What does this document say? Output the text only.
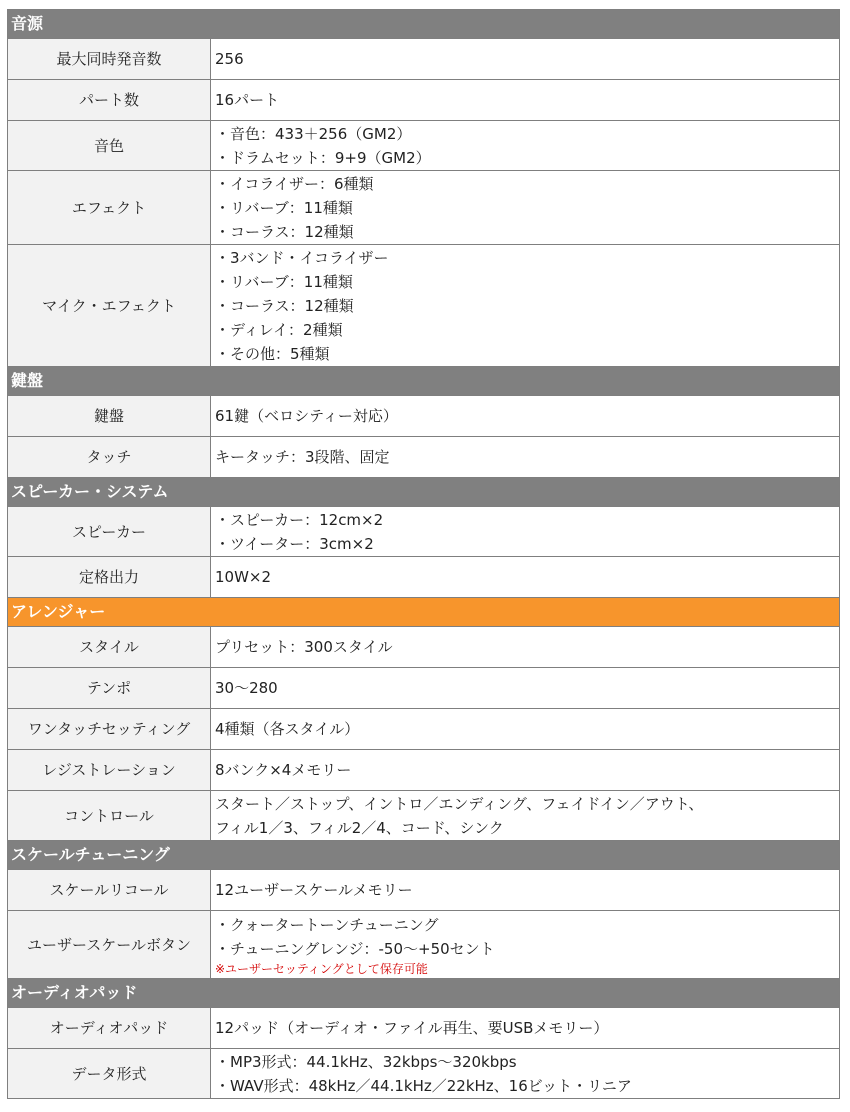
音源	
最大同時発音数	256

パート数	16パート

音色	・音色：433＋256（GM2）
・ドラムセット：9+9（GM2）

エフェクト	・イコライザー：6種類
・リバーブ：11種類
・コーラス：12種類

マイク・エフェクト	・3バンド・イコライザー
・リバーブ：11種類
・コーラス：12種類
・ディレイ：2種類
・その他：5種類

鍵盤	
鍵盤	61鍵（ベロシティー対応）

タッチ	キータッチ：3段階、固定

スピーカー・システム	
スピーカー	・スピーカー：12cm×2
・ツイーター：3cm×2

定格出力	10W×2

アレンジャー	
スタイル	プリセット：300スタイル

テンポ	30～280

ワンタッチセッティング	4種類（各スタイル）

レジストレーション	8バンク×4メモリー

コントロール	スタート／ストップ、イントロ／エンディング、フェイドイン／アウト、
フィル1／3、フィル2／4、コード、シンク

スケールチューニング	
スケールリコール	12ユーザースケールメモリー

ユーザースケールボタン	・クォータートーンチューニング
・チューニングレンジ：-50～+50セント
※ユーザーセッティングとして保存可能

オーディオパッド	
オーディオパッド	12パッド（オーディオ・ファイル再生、要USBメモリー）

データ形式	・MP3形式：44.1kHz、32kbps～320kbps
・WAV形式：48kHz／44.1kHz／22kHz、16ビット・リニア
